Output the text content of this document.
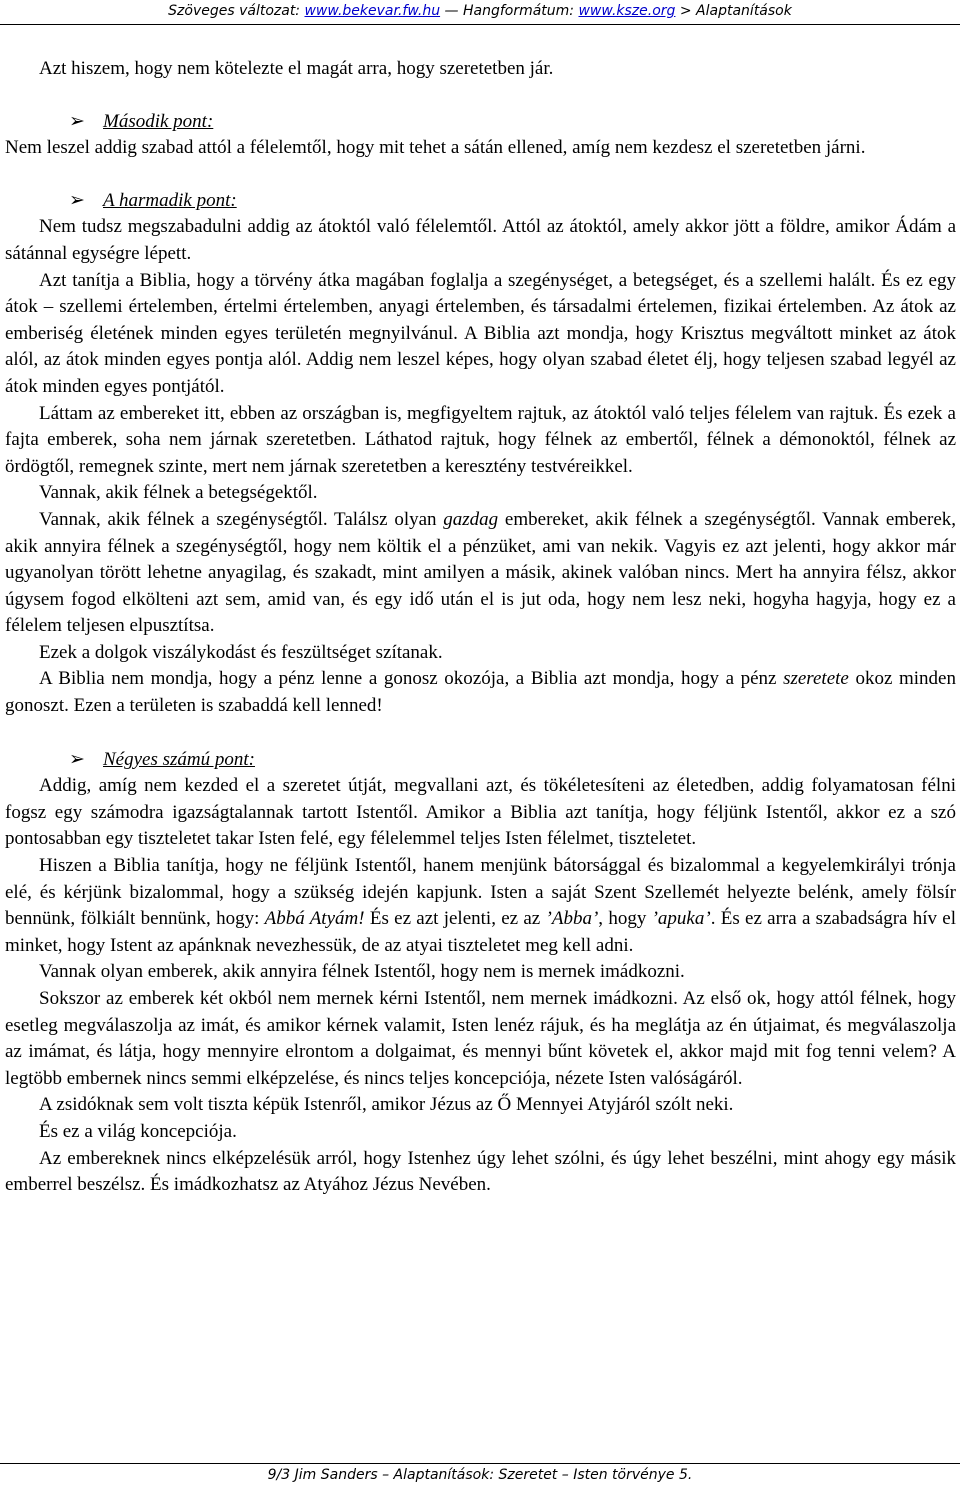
Szöveges változat: www.bekevar.fw.hu — Hangformátum: www.ksze.org > Alaptanítások

Azt hiszem, hogy nem kötelezte el magát arra, hogy szeretetben jár.

➢ Második pont:

Nem leszel addig szabad attól a félelemtől, hogy mit tehet a sátán ellened, amíg nem kezdesz el szeretetben járni.

➢ A harmadik pont:

Nem tudsz megszabadulni addig az átoktól való félelemtől. Attól az átoktól, amely akkor jött a földre, amikor Ádám a sátánnal egységre lépett.

Azt tanítja a Biblia, hogy a törvény átka magában foglalja a szegénységet, a betegséget, és a szellemi halált. És ez egy átok – szellemi értelemben, értelmi értelemben, anyagi értelemben, és társadalmi értelemen, fizikai értelemben. Az átok az emberiség életének minden egyes területén megnyilvánul. A Biblia azt mondja, hogy Krisztus megváltott minket az átok alól, az átok minden egyes pontja alól. Addig nem leszel képes, hogy olyan szabad életet élj, hogy teljesen szabad legyél az átok minden egyes pontjától.

Láttam az embereket itt, ebben az országban is, megfigyeltem rajtuk, az átoktól való teljes félelem van rajtuk. És ezek a fajta emberek, soha nem járnak szeretetben. Láthatod rajtuk, hogy félnek az embertől, félnek a démonoktól, félnek az ördögtől, remegnek szinte, mert nem járnak szeretetben a keresztény testvéreikkel.

Vannak, akik félnek a betegségektől.

Vannak, akik félnek a szegénységtől. Találsz olyan gazdag embereket, akik félnek a szegénységtől. Vannak emberek, akik annyira félnek a szegénységtől, hogy nem költik el a pénzüket, ami van nekik. Vagyis ez azt jelenti, hogy akkor már ugyanolyan törött lehetne anyagilag, és szakadt, mint amilyen a másik, akinek valóban nincs. Mert ha annyira félsz, akkor úgysem fogod elkölteni azt sem, amid van, és egy idő után el is jut oda, hogy nem lesz neki, hogyha hagyja, hogy ez a félelem teljesen elpusztítsa.

Ezek a dolgok viszálykodást és feszültséget szítanak.

A Biblia nem mondja, hogy a pénz lenne a gonosz okozója, a Biblia azt mondja, hogy a pénz szeretete okoz minden gonoszt. Ezen a területen is szabaddá kell lenned!

➢ Négyes számú pont:

Addig, amíg nem kezded el a szeretet útját, megvallani azt, és tökéletesíteni az életedben, addig folyamatosan félni fogsz egy számodra igazságtalannak tartott Istentől. Amikor a Biblia azt tanítja, hogy féljünk Istentől, akkor ez a szó pontosabban egy tiszteletet takar Isten felé, egy félelemmel teljes Isten félelmet, tiszteletet.

Hiszen a Biblia tanítja, hogy ne féljünk Istentől, hanem menjünk bátorsággal és bizalommal a kegyelemkirályi trónja elé, és kérjünk bizalommal, hogy a szükség idején kapjunk. Isten a saját Szent Szellemét helyezte belénk, amely fölsír bennünk, fölkiált bennünk, hogy: Abbá Atyám! És ez azt jelenti, ez az ’Abba’, hogy ’apuka’. És ez arra a szabadságra hív el minket, hogy Istent az apánknak nevezhessük, de az atyai tiszteletet meg kell adni.

Vannak olyan emberek, akik annyira félnek Istentől, hogy nem is mernek imádkozni.

Sokszor az emberek két okból nem mernek kérni Istentől, nem mernek imádkozni. Az első ok, hogy attól félnek, hogy esetleg megválaszolja az imát, és amikor kérnek valamit, Isten lenéz rájuk, és ha meglátja az én útjaimat, és megválaszolja az imámat, és látja, hogy mennyire elrontom a dolgaimat, és mennyi bűnt követek el, akkor majd mit fog tenni velem? A legtöbb embernek nincs semmi elképzelése, és nincs teljes koncepciója, nézete Isten valóságáról.

A zsidóknak sem volt tiszta képük Istenről, amikor Jézus az Ő Mennyei Atyjáról szólt neki.

És ez a világ koncepciója.

Az embereknek nincs elképzelésük arról, hogy Istenhez úgy lehet szólni, és úgy lehet beszélni, mint ahogy egy másik emberrel beszélsz. És imádkozhatsz az Atyához Jézus Nevében.

9/3 Jim Sanders – Alaptanítások: Szeretet – Isten törvénye 5.
